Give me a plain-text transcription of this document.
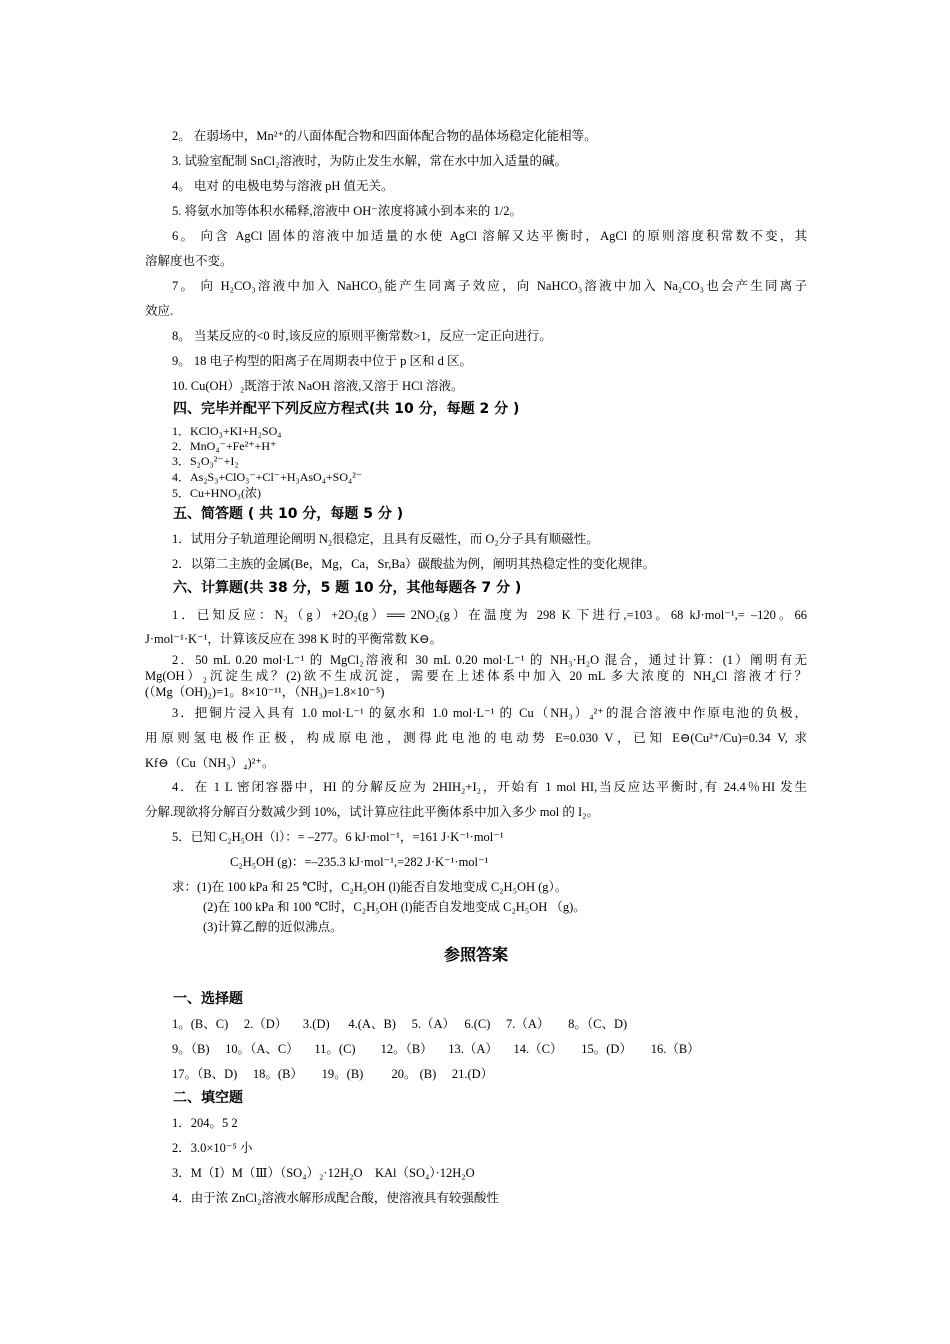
2。 在弱场中，Mn²⁺的八面体配合物和四面体配合物的晶体场稳定化能相等。
3. 试验室配制 SnCl₂溶液时，为防止发生水解，常在水中加入适量的碱。
4。 电对 的电极电势与溶液 pH 值无关。
5. 将氨水加等体积水稀释,溶液中 OH⁻浓度将减小到本来的 1/2。
6。 向含 AgCl 固体的溶液中加适量的水使 AgCl 溶解又达平衡时，AgCl 的原则溶度积常数不变，其
溶解度也不变。
7。 向 H₂CO₃溶液中加入 NaHCO₃能产生同离子效应，向 NaHCO₃溶液中加入 Na₂CO₃也会产生同离子
效应.
8。 当某反应的<0 时,该反应的原则平衡常数>1，反应一定正向进行。
9。 18 电子构型的阳离子在周期表中位于 p 区和 d 区。
10. Cu(OH）₂既溶于浓 NaOH 溶液,又溶于 HCl 溶液。
四、完毕并配平下列反应方程式(共 10 分，每题 2 分 )
1．KClO₃+KI+H₂SO₄
2．MnO₄⁻+Fe²⁺+H⁺
3．S₂O₃²⁻+I₂
4．As₂S₃+ClO₃⁻+Cl⁻+H₃AsO₄+SO₄²⁻
5．Cu+HNO₃(浓)
五、简答题 ( 共 10 分，每题 5 分 )
1．试用分子轨道理论阐明 N₂很稳定，且具有反磁性，而 O₂分子具有顺磁性。
2．以第二主族的金属(Be，Mg，Ca，Sr,Ba）碳酸盐为例，阐明其热稳定性的变化规律。
六、计算题(共 38 分，5 题 10 分，其他每题各 7 分 )
1．已知反应：N₂（g）+2O₂(g）══ 2NO₂(g）在温度为 298 K 下进行,=103。68 kJ·mol⁻¹,= –120。66
J·mol⁻¹·K⁻¹，计算该反应在 398 K 时的平衡常数 K⊖。
2．50 mL 0.20 mol·L⁻¹ 的 MgCl₂溶液和 30 mL 0.20 mol·L⁻¹ 的 NH₃·H₂O 混合，通过计算：(1）阐明有无
Mg(OH）₂沉淀生成？(2)欲不生成沉淀，需要在上述体系中加入 20 mL 多大浓度的 NH₄Cl 溶液才行？
(（Mg（OH)₂)=1。8×10⁻¹¹，（NH₃)=1.8×10⁻⁵)
3．把铜片浸入具有 1.0 mol·L⁻¹ 的氨水和 1.0 mol·L⁻¹ 的 Cu（NH₃）₄²⁺的混合溶液中作原电池的负极，
用原则氢电极作正极，构成原电池，测得此电池的电动势 E=0.030 V，已知 E⊖(Cu²⁺/Cu)=0.34 V, 求
Kf⊖（Cu（NH₃）₄)²⁺。
4．在 1 L 密闭容器中，HI 的分解反应为 2HIH₂+I₂，开始有 1 mol HI,当反应达平衡时,有 24.4％HI 发生
分解.现欲将分解百分数减少到 10%，试计算应往此平衡体系中加入多少 mol 的 I₂。
5．已知 C₂H₅OH（l）：= –277。6 kJ·mol⁻¹，=161 J·K⁻¹·mol⁻¹
C₂H₅OH (g)：=–235.3 kJ·mol⁻¹,=282 J·K⁻¹·mol⁻¹
求：(1)在 100 kPa 和 25 ℃时，C₂H₅OH (l)能否自发地变成 C₂H₅OH (g）。
(2)在 100 kPa 和 100 ℃时，C₂H₅OH (l)能否自发地变成 C₂H₅OH （g)。
(3)计算乙醇的近似沸点。
参照答案
一、选择题
1。(B、C)　 2.（D） 　3.(D) 　 4.(A、B) 　5.（A）　 6.(C) 　7.（A） 　 8。（C、D)
9。（B) 　10。（A、C） 　11。(C)　　12。（B） 　13.（A） 　14.（C） 　 15。(D） 　 16.（B）
17。（B、D) 　18。(B） 　 19。(B) 　　20。 (B) 　21.(D）
二、填空题
1．204。5 2
2．3.0×10⁻⁵ 小
3．M（Ⅰ）M（Ⅲ）（SO₄）₂·12H₂O　KAl（SO₄）·12H₂O
4．由于浓 ZnCl₂溶液水解形成配合酸，使溶液具有较强酸性
